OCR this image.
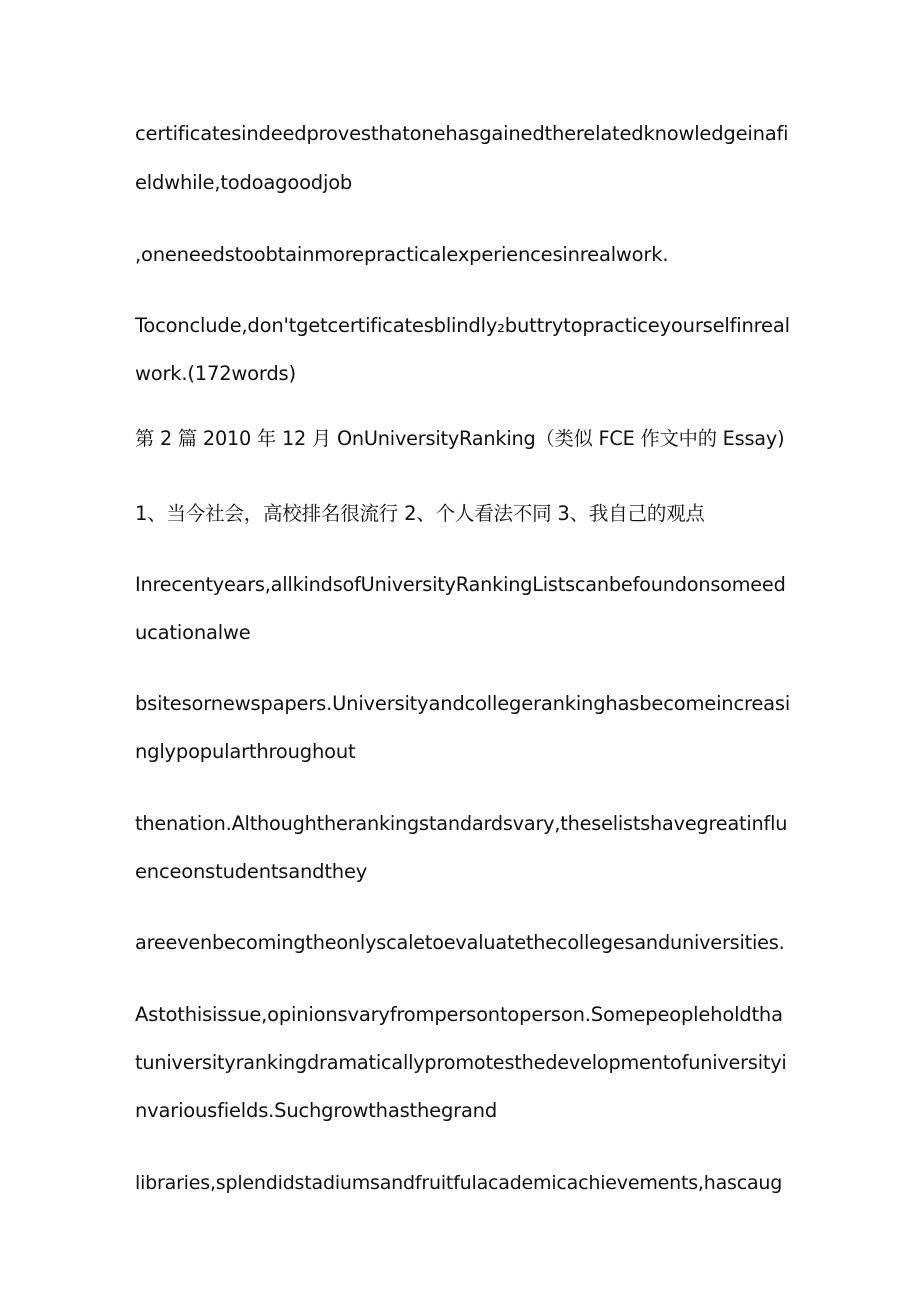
certificatesindeedprovesthatonehasgainedtherelatedknowledgeinafi
eldwhile,todoagoodjob
,oneneedstoobtainmorepracticalexperiencesinrealwork.
Toconclude,don'tgetcertificatesblindly₂buttrytopracticeyourselfinreal
work.(172words)
第 2 篇 2010 年 12 月 OnUniversityRanking（类似 FCE 作文中的 Essay)
1、当今社会，高校排名很流行 2、个人看法不同 3、我自己的观点
Inrecentyears,allkindsofUniversityRankingListscanbefoundonsomeed
ucationalwe
bsitesornewspapers.Universityandcollegerankinghasbecomeincreasi
nglypopularthroughout
thenation.Althoughtherankingstandardsvary,theselistshavegreatinflu
enceonstudentsandthey
areevenbecomingtheonlyscaletoevaluatethecollegesanduniversities.
Astothisissue,opinionsvaryfrompersontoperson.Somepeopleholdtha
tuniversityrankingdramaticallypromotesthedevelopmentofuniversityi
nvariousfields.Suchgrowthasthegrand
libraries,splendidstadiumsandfruitfulacademicachievements,hascaug
